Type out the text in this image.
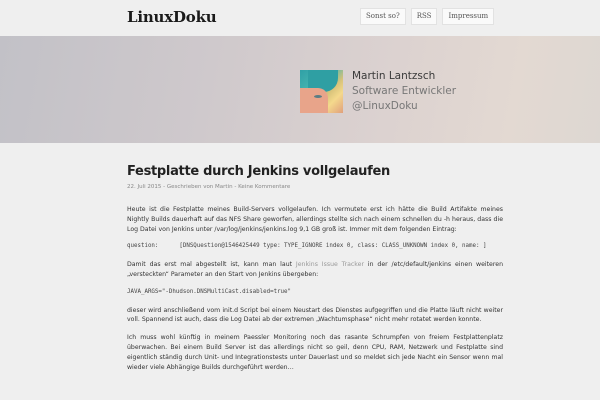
LinuxDoku	Sonst so?	RSS	Impressum
Martin Lantzsch
Software Entwickler
@LinuxDoku
Festplatte durch Jenkins vollgelaufen
22. Juli 2015 - Geschrieben von Martin - Keine Kommentare

Heute ist die Festplatte meines Build-Servers vollgelaufen. Ich vermutete erst ich hätte die Build Artifakte meines Nightly Builds dauerhaft auf das NFS Share geworfen, allerdings stellte sich nach einem schnellen du -h heraus, dass die Log Datei von Jenkins unter /var/log/jenkins/jenkins.log 9,1 GB groß ist. Immer mit dem folgenden Eintrag:

question:      [DNSQuestion@1546425449 type: TYPE_IGNORE index 0, class: CLASS_UNKNOWN index 0, name: ]

Damit das erst mal abgestellt ist, kann man laut Jenkins Issue Tracker in der /etc/default/jenkins einen weiteren „versteckten“ Parameter an den Start von Jenkins übergeben:

JAVA_ARGS="-Dhudson.DNSMultiCast.disabled=true"

dieser wird anschließend vom init.d Script bei einem Neustart des Dienstes aufgegriffen und die Platte läuft nicht weiter voll. Spannend ist auch, dass die Log Datei ab der extremen „Wachtumsphase“ nicht mehr rotatet werden konnte.

Ich muss wohl künftig in meinem Paessler Monitoring noch das rasante Schrumpfen von freiem Festplattenplatz überwachen. Bei einem Build Server ist das allerdings nicht so geil, denn CPU, RAM, Netzwerk und Festplatte sind eigentlich ständig durch Unit- und Integrationstests unter Dauerlast und so meldet sich jede Nacht ein Sensor wenn mal wieder viele Abhängige Builds durchgeführt werden…
